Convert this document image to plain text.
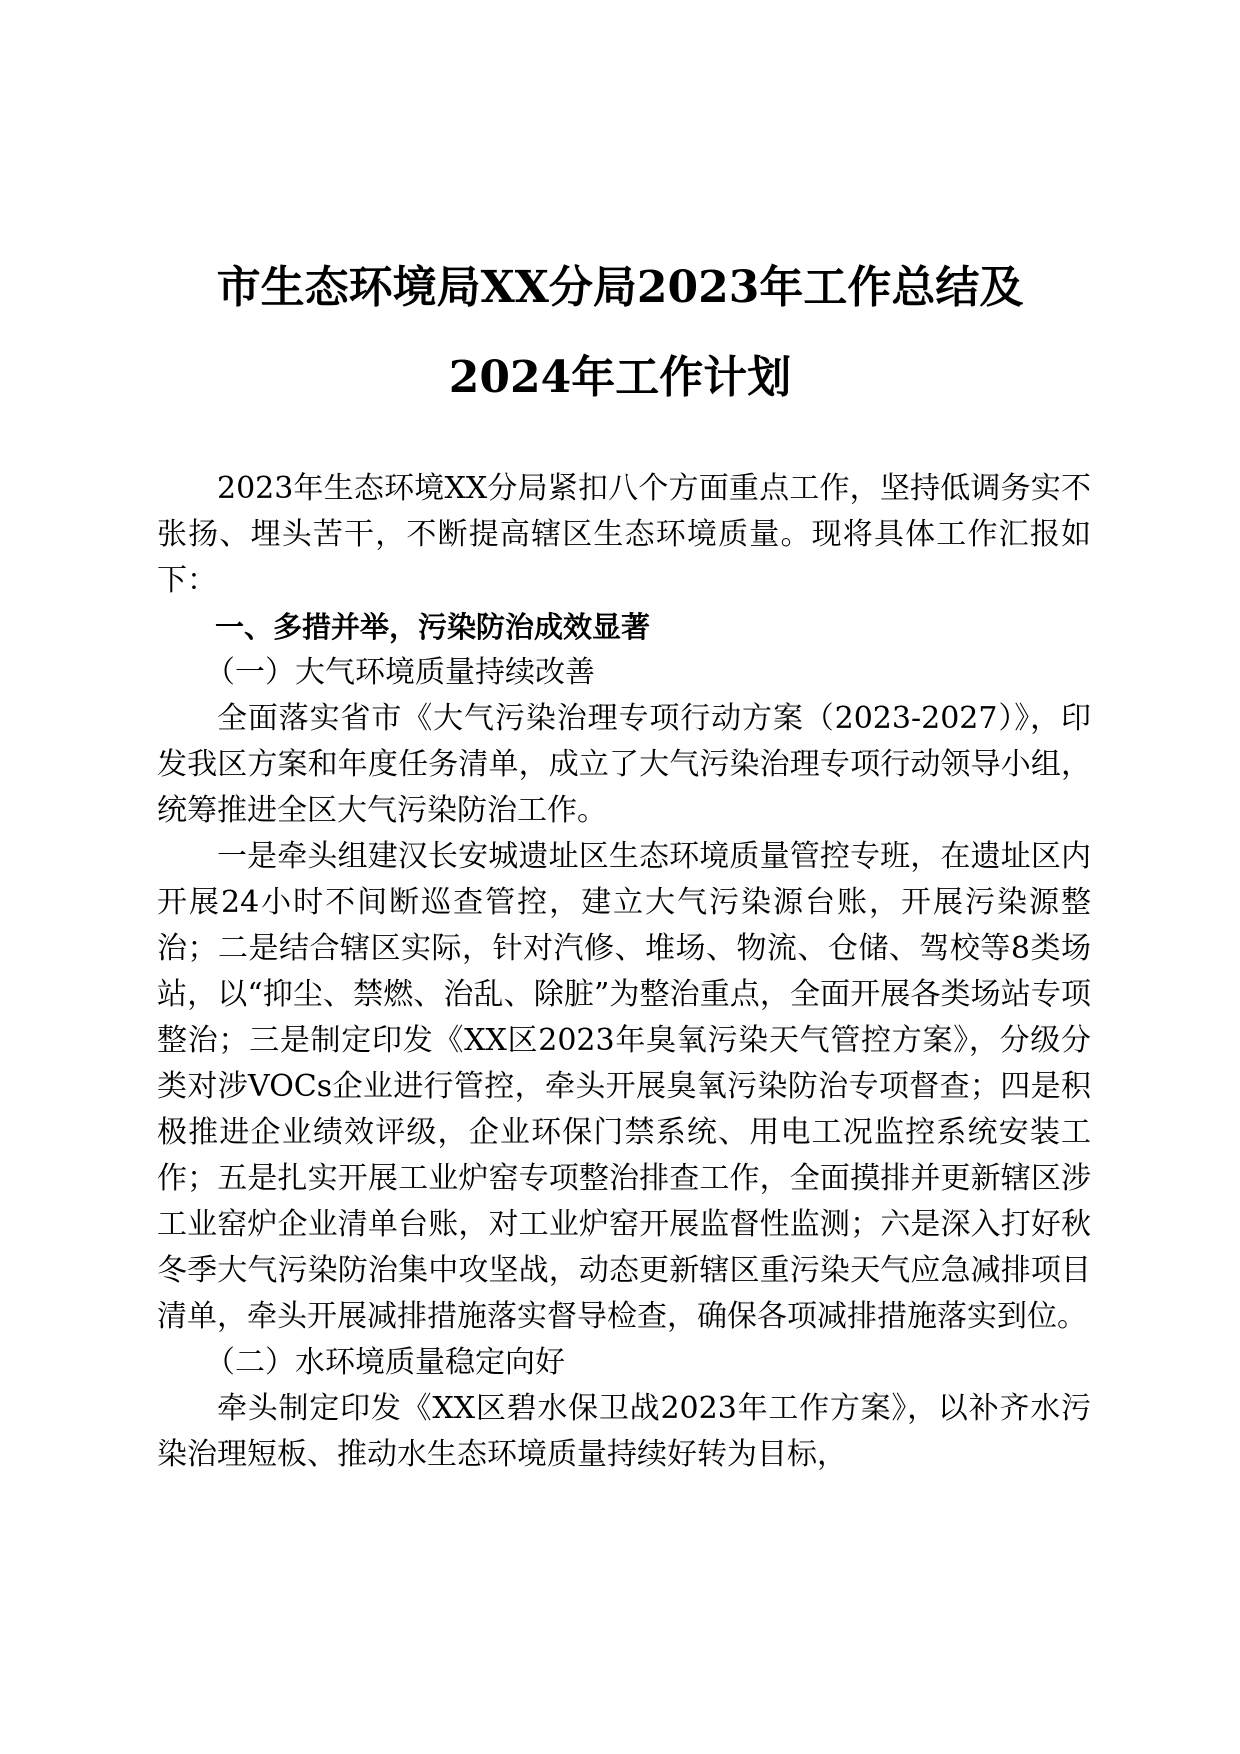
市生态环境局XX分局2023年工作总结及
2024年工作计划

2023年生态环境XX分局紧扣八个方面重点工作，坚持低调务实不张扬、埋头苦干，不断提高辖区生态环境质量。现将具体工作汇报如下：

一、多措并举，污染防治成效显著

（一）大气环境质量持续改善

全面落实省市《大气污染治理专项行动方案（2023-2027）》，印发我区方案和年度任务清单，成立了大气污染治理专项行动领导小组，统筹推进全区大气污染防治工作。

一是牵头组建汉长安城遗址区生态环境质量管控专班，在遗址区内开展24小时不间断巡查管控，建立大气污染源台账，开展污染源整治；二是结合辖区实际，针对汽修、堆场、物流、仓储、驾校等8类场站，以“抑尘、禁燃、治乱、除脏”为整治重点，全面开展各类场站专项整治；三是制定印发《XX区2023年臭氧污染天气管控方案》，分级分类对涉VOCs企业进行管控，牵头开展臭氧污染防治专项督查；四是积极推进企业绩效评级，企业环保门禁系统、用电工况监控系统安装工作；五是扎实开展工业炉窑专项整治排查工作，全面摸排并更新辖区涉工业窑炉企业清单台账，对工业炉窑开展监督性监测；六是深入打好秋冬季大气污染防治集中攻坚战，动态更新辖区重污染天气应急减排项目清单，牵头开展减排措施落实督导检查，确保各项减排措施落实到位。

（二）水环境质量稳定向好

牵头制定印发《XX区碧水保卫战2023年工作方案》，以补齐水污染治理短板、推动水生态环境质量持续好转为目标，
